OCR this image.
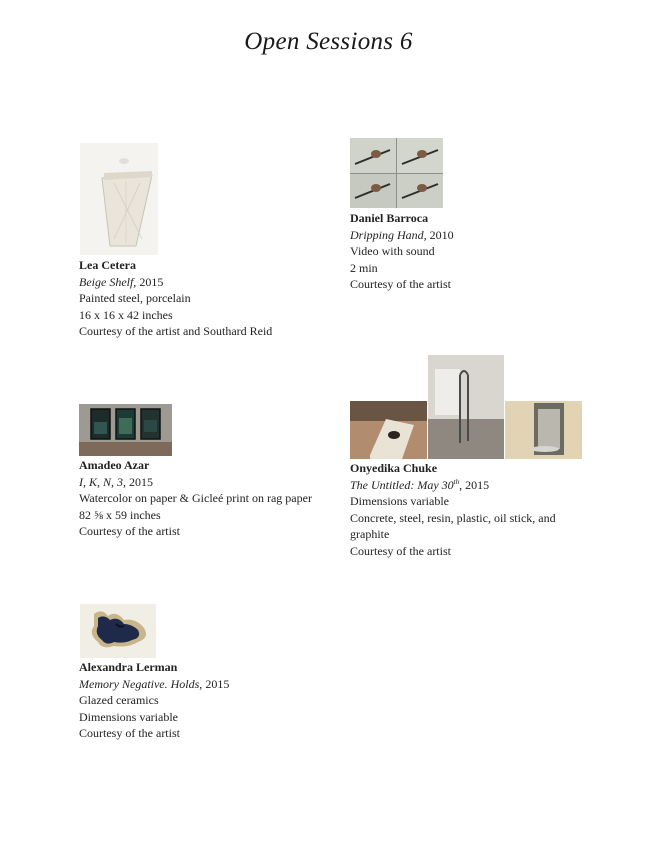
Open Sessions 6
Lea Cetera
Beige Shelf, 2015
Painted steel, porcelain
16 x 16 x 42 inches
Courtesy of the artist and Southard Reid
Daniel Barroca
Dripping Hand, 2010
Video with sound
2 min
Courtesy of the artist
Amadeo Azar
I, K, N, 3, 2015
Watercolor on paper & Gicleé print on rag paper
82 ⅝ x 59 inches
Courtesy of the artist
Onyedika Chuke
The Untitled: May 30th, 2015
Dimensions variable
Concrete, steel, resin, plastic, oil stick, and graphite
Courtesy of the artist
Alexandra Lerman
Memory Negative. Holds, 2015
Glazed ceramics
Dimensions variable
Courtesy of the artist
